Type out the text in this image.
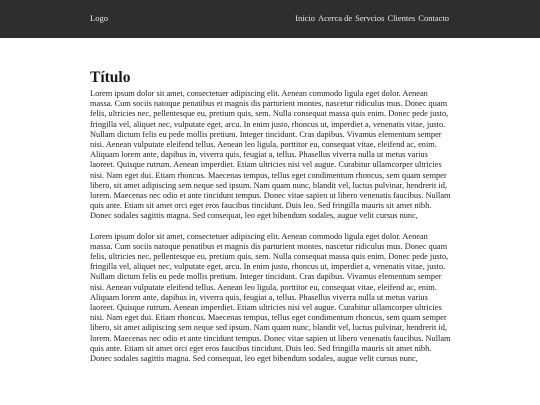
Logo	Inicio Acerca de Servcios Clientes Contacto
Título

Lorem ipsum dolor sit amet, consectetuer adipiscing elit. Aenean commodo ligula eget dolor. Aenean massa. Cum sociis natoque penatibus et magnis dis parturient montes, nascetur ridiculus mus. Donec quam felis, ultricies nec, pellentesque eu, pretium quis, sem. Nulla consequat massa quis enim. Donec pede justo, fringilla vel, aliquet nec, vulputate eget, arcu. In enim justo, rhoncus ut, imperdiet a, venenatis vitae, justo. Nullam dictum felis eu pede mollis pretium. Integer tincidunt. Cras dapibus. Vivamus elementum semper nisi. Aenean vulputate eleifend tellus. Aenean leo ligula, porttitor eu, consequat vitae, eleifend ac, enim. Aliquam lorem ante, dapibus in, viverra quis, feugiat a, tellus. Phasellus viverra nulla ut metus varius laoreet. Quisque rutrum. Aenean imperdiet. Etiam ultricies nisi vel augue. Curabitur ullamcorper ultricies nisi. Nam eget dui. Etiam rhoncus. Maecenas tempus, tellus eget condimentum rhoncus, sem quam semper libero, sit amet adipiscing sem neque sed ipsum. Nam quam nunc, blandit vel, luctus pulvinar, hendrerit id, lorem. Maecenas nec odio et ante tincidunt tempus. Donec vitae sapien ut libero venenatis faucibus. Nullam quis ante. Etiam sit amet orci eget eros faucibus tincidunt. Duis leo. Sed fringilla mauris sit amet nibh. Donec sodales sagittis magna. Sed consequat, leo eget bibendum sodales, augue velit cursus nunc,

Lorem ipsum dolor sit amet, consectetuer adipiscing elit. Aenean commodo ligula eget dolor. Aenean massa. Cum sociis natoque penatibus et magnis dis parturient montes, nascetur ridiculus mus. Donec quam felis, ultricies nec, pellentesque eu, pretium quis, sem. Nulla consequat massa quis enim. Donec pede justo, fringilla vel, aliquet nec, vulputate eget, arcu. In enim justo, rhoncus ut, imperdiet a, venenatis vitae, justo. Nullam dictum felis eu pede mollis pretium. Integer tincidunt. Cras dapibus. Vivamus elementum semper nisi. Aenean vulputate eleifend tellus. Aenean leo ligula, porttitor eu, consequat vitae, eleifend ac, enim. Aliquam lorem ante, dapibus in, viverra quis, feugiat a, tellus. Phasellus viverra nulla ut metus varius laoreet. Quisque rutrum. Aenean imperdiet. Etiam ultricies nisi vel augue. Curabitur ullamcorper ultricies nisi. Nam eget dui. Etiam rhoncus. Maecenas tempus, tellus eget condimentum rhoncus, sem quam semper libero, sit amet adipiscing sem neque sed ipsum. Nam quam nunc, blandit vel, luctus pulvinar, hendrerit id, lorem. Maecenas nec odio et ante tincidunt tempus. Donec vitae sapien ut libero venenatis faucibus. Nullam quis ante. Etiam sit amet orci eget eros faucibus tincidunt. Duis leo. Sed fringilla mauris sit amet nibh. Donec sodales sagittis magna. Sed consequat, leo eget bibendum sodales, augue velit cursus nunc,
